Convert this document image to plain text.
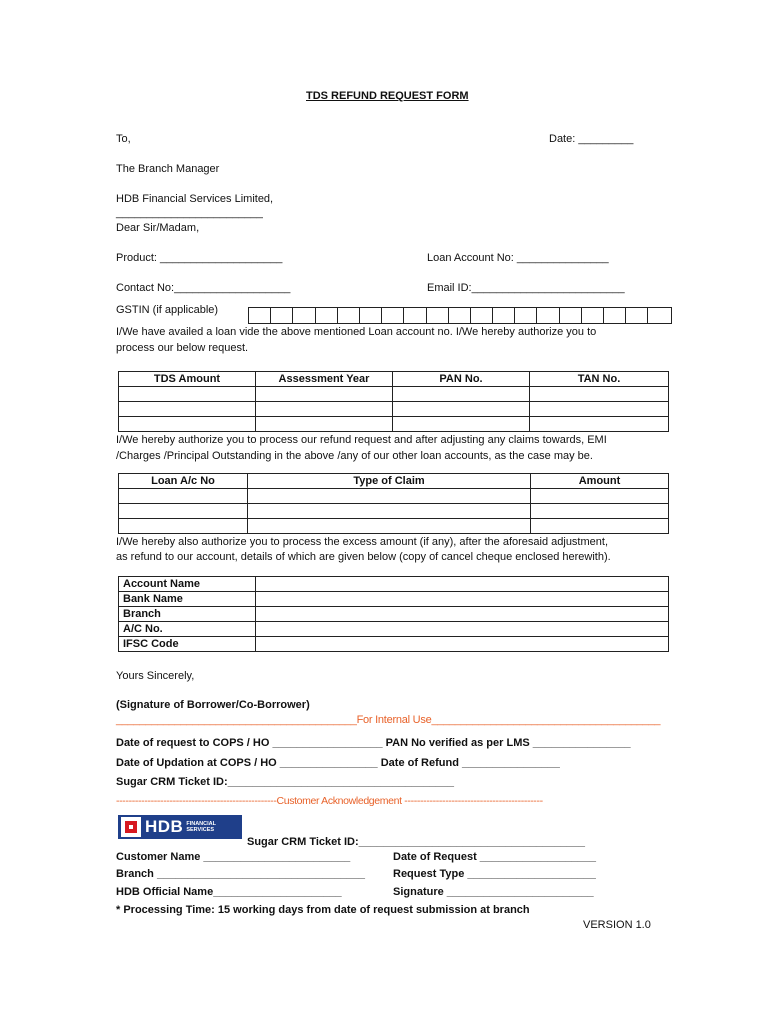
TDS REFUND REQUEST FORM
To,	Date: _________
The Branch Manager
HDB Financial Services Limited,
________________________
Dear Sir/Madam,
Product: ____________________	Loan Account No: _______________
Contact No:___________________	Email ID:_________________________
GSTIN (if applicable)
I/We have availed a loan vide the above mentioned Loan account no. I/We hereby authorize you to
process our below request.
TDS Amount	Assessment Year	PAN No.	TAN No.

I/We hereby authorize you to process our refund request and after adjusting any claims towards, EMI
/Charges /Principal Outstanding in the above /any of our other loan accounts, as the case may be.
Loan A/c No	Type of Claim	Amount

I/We hereby also authorize you to process the excess amount (if any), after the aforesaid adjustment,
as refund to our account, details of which are given below (copy of cancel cheque enclosed herewith).
Account Name	
Bank Name	
Branch	
A/C No.	
IFSC Code	
Yours Sincerely,
(Signature of Borrower/Co-Borrower)
_________________________________________For Internal Use_______________________________________
Date of request to COPS / HO __________________ PAN No verified as per LMS ________________
Date of Updation at COPS / HO ________________ Date of Refund ________________
Sugar CRM Ticket ID:_____________________________________
---------------------------------------------------Customer Acknowledgement --------------------------------------------
HDB FINANCIAL
SERVICES
Sugar CRM Ticket ID:_____________________________________
Customer Name ________________________	Date of Request ___________________
Branch __________________________________	Request Type _____________________
HDB Official Name_____________________	Signature ________________________
* Processing Time: 15 working days from date of request submission at branch
VERSION 1.0
